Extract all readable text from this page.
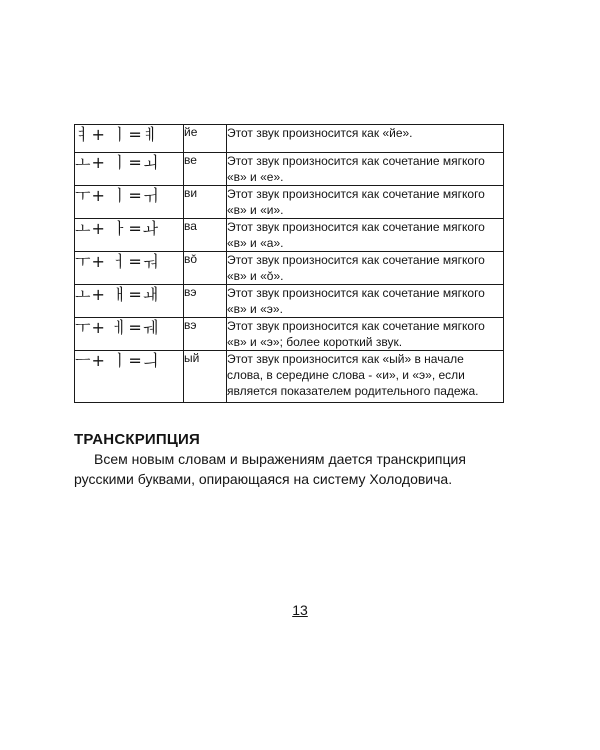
ㅕ+ ㅣ=ㅖ	йе	Этот звук произносится как «йе».
ㅗ+ ㅣ=ㅚ	ве	Этот звук произносится как сочетание мягкого «в» и «е».
ㅜ+ ㅣ=ㅟ	ви	Этот звук произносится как сочетание мягкого «в» и «и».
ㅗ+ ㅏ=ㅘ	ва	Этот звук произносится как сочетание мягкого «в» и «а».
ㅜ+ ㅓ=ㅝ	вŏ	Этот звук произносится как сочетание мягкого «в» и «ŏ».
ㅗ+ ㅐ=ㅙ	вэ	Этот звук произносится как сочетание мягкого «в» и «э».
ㅜ+ ㅔ=ㅞ	вэ	Этот звук произносится как сочетание мягкого «в» и «э»; более короткий звук.
ㅡ+ ㅣ=ㅢ	ый	Этот звук произносится как «ый» в начале слова, в середине слова - «и», и «э», если является показателем родительного падежа.
ТРАНСКРИПЦИЯ

Всем новым словам и выражениям дается транскрипция русскими буквами, опирающаяся на систему Холодовича.

13
